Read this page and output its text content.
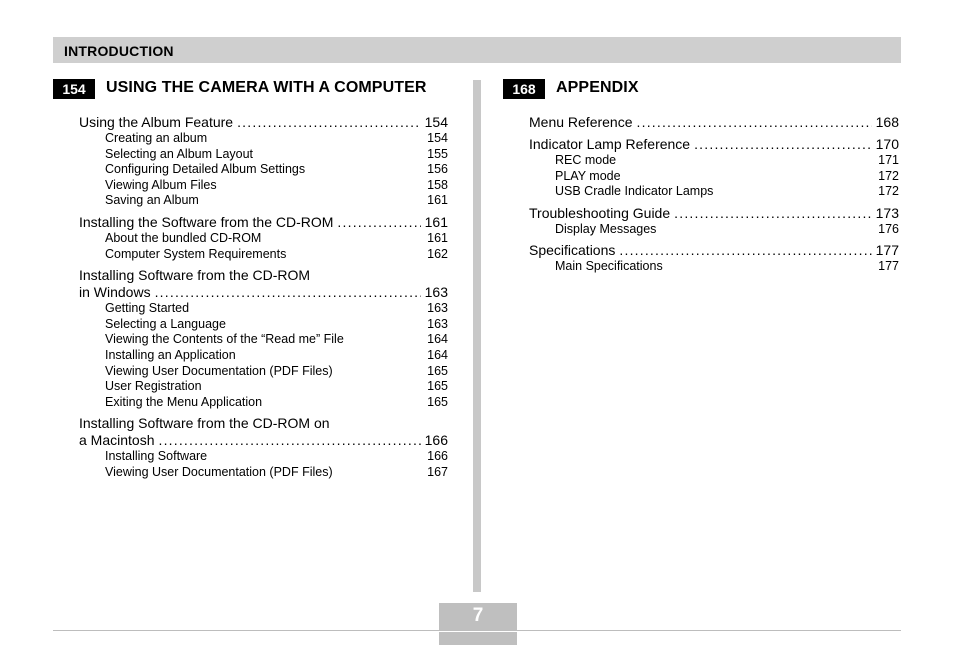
INTRODUCTION
154	USING THE CAMERA WITH A COMPUTER
Using the Album Feature .....	154
Creating an album	154
Selecting an Album Layout	155
Configuring Detailed Album Settings	156
Viewing Album Files	158
Saving an Album	161
Installing the Software from the CD-ROM .....	161
About the bundled CD-ROM	161
Computer System Requirements	162
Installing Software from the CD-ROM
in Windows .....	163
Getting Started	163
Selecting a Language	163
Viewing the Contents of the “Read me” File	164
Installing an Application	164
Viewing User Documentation (PDF Files)	165
User Registration	165
Exiting the Menu Application	165
Installing Software from the CD-ROM on
a Macintosh .....	166
Installing Software	166
Viewing User Documentation (PDF Files)	167
168	APPENDIX
Menu Reference .....	168
Indicator Lamp Reference .....	170
REC mode	171
PLAY mode	172
USB Cradle Indicator Lamps	172
Troubleshooting Guide .....	173
Display Messages	176
Specifications .....	177
Main Specifications	177
7
